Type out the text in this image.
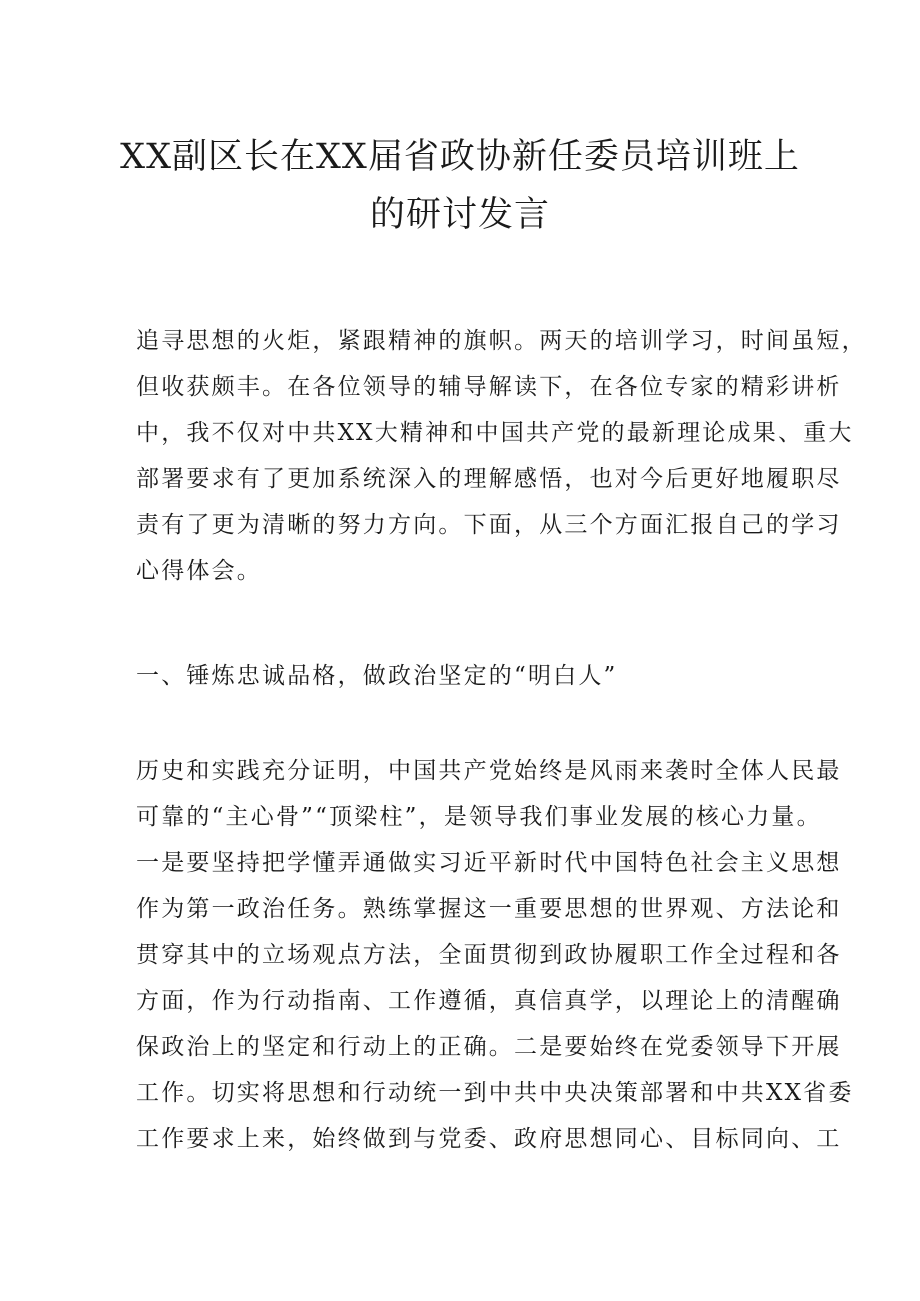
XX副区长在XX届省政协新任委员培训班上
的研讨发言

追寻思想的火炬，紧跟精神的旗帜。两天的培训学习，时间虽短，
但收获颇丰。在各位领导的辅导解读下，在各位专家的精彩讲析
中，我不仅对中共XX大精神和中国共产党的最新理论成果、重大
部署要求有了更加系统深入的理解感悟，也对今后更好地履职尽
责有了更为清晰的努力方向。下面，从三个方面汇报自己的学习
心得体会。

一、锤炼忠诚品格，做政治坚定的“明白人”

历史和实践充分证明，中国共产党始终是风雨来袭时全体人民最
可靠的“主心骨”“顶梁柱”，是领导我们事业发展的核心力量。
一是要坚持把学懂弄通做实习近平新时代中国特色社会主义思想
作为第一政治任务。熟练掌握这一重要思想的世界观、方法论和
贯穿其中的立场观点方法，全面贯彻到政协履职工作全过程和各
方面，作为行动指南、工作遵循，真信真学，以理论上的清醒确
保政治上的坚定和行动上的正确。二是要始终在党委领导下开展
工作。切实将思想和行动统一到中共中央决策部署和中共XX省委
工作要求上来，始终做到与党委、政府思想同心、目标同向、工
